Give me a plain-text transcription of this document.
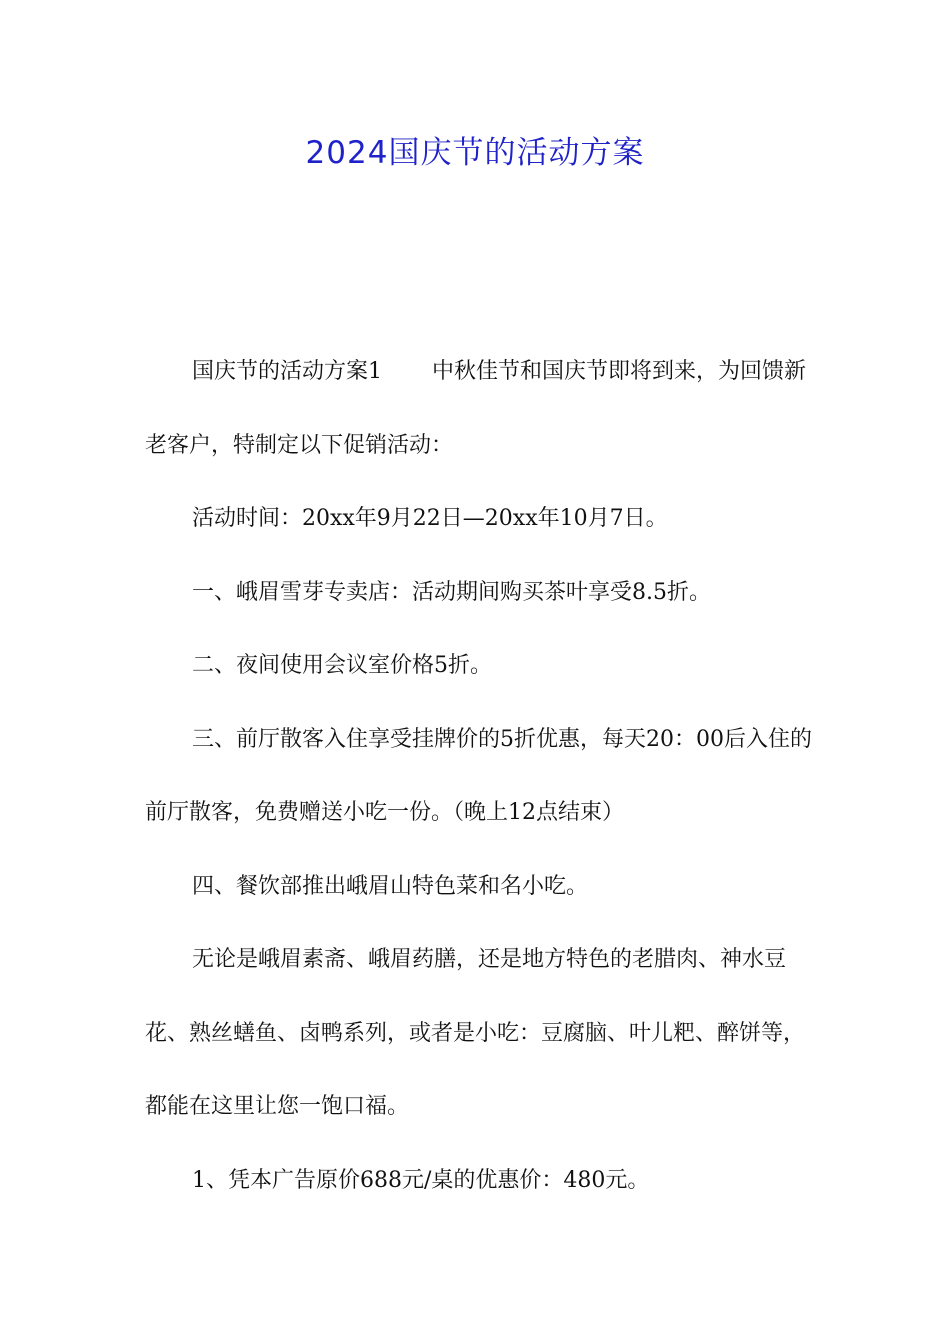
2024国庆节的活动方案

国庆节的活动方案1 中秋佳节和国庆节即将到来，为回馈新老客户，特制定以下促销活动：

活动时间：20xx年9月22日—20xx年10月7日。

一、峨眉雪芽专卖店：活动期间购买茶叶享受8.5折。

二、夜间使用会议室价格5折。

三、前厅散客入住享受挂牌价的5折优惠，每天20：00后入住的前厅散客，免费赠送小吃一份。（晚上12点结束）

四、餐饮部推出峨眉山特色菜和名小吃。

无论是峨眉素斋、峨眉药膳，还是地方特色的老腊肉、神水豆花、熟丝蟮鱼、卤鸭系列，或者是小吃：豆腐脑、叶儿粑、醉饼等，都能在这里让您一饱口福。

1、凭本广告原价688元/桌的优惠价：480元。
